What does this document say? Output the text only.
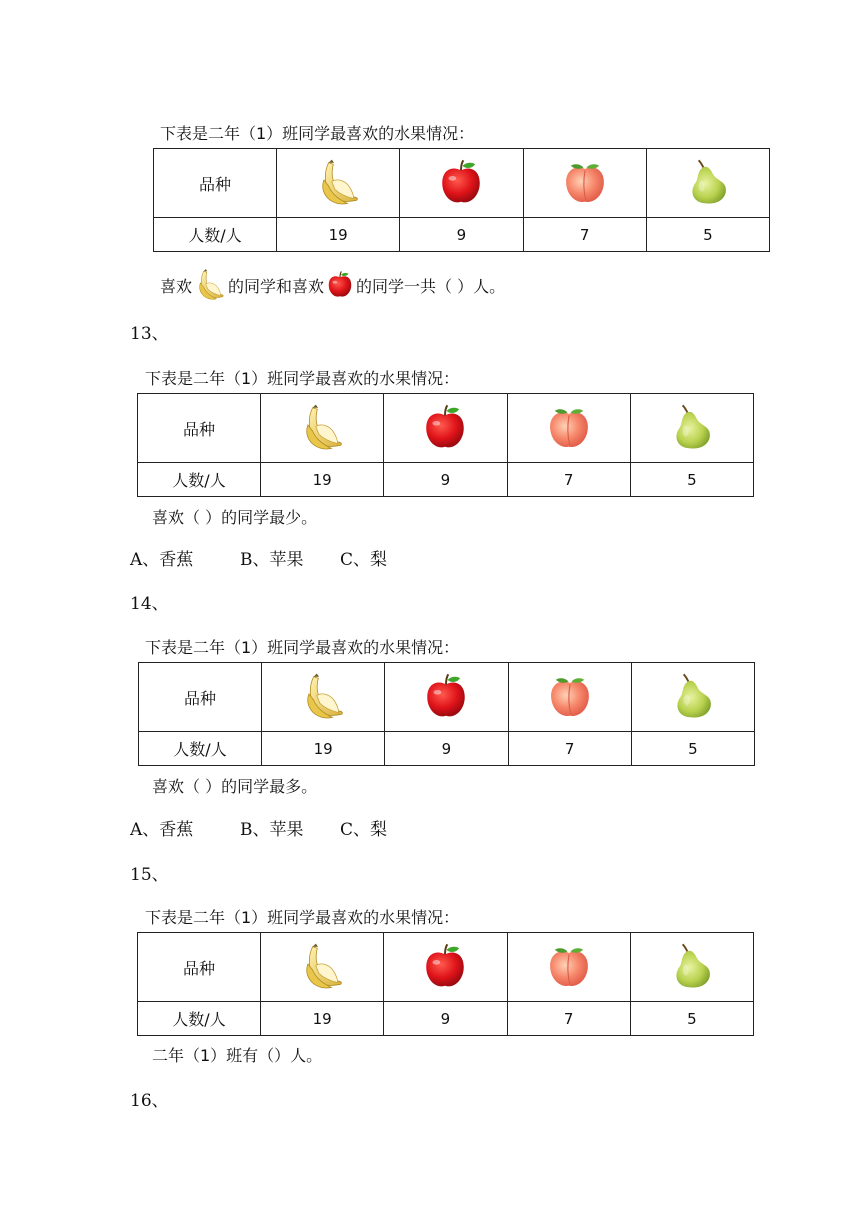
下表是二年（1）班同学最喜欢的水果情况：
品种				
人数/人	19	9	7	5
喜欢 的同学和喜欢 的同学一共（ ）人。
13、
下表是二年（1）班同学最喜欢的水果情况：
品种				
人数/人	19	9	7	5
喜欢（ ）的同学最少。
A、香蕉	B、苹果 C、梨
14、
下表是二年（1）班同学最喜欢的水果情况：
品种				
人数/人	19	9	7	5
喜欢（ ）的同学最多。
A、香蕉	B、苹果 C、梨
15、
下表是二年（1）班同学最喜欢的水果情况：
品种				
人数/人	19	9	7	5
二年（1）班有（）人。
16、
